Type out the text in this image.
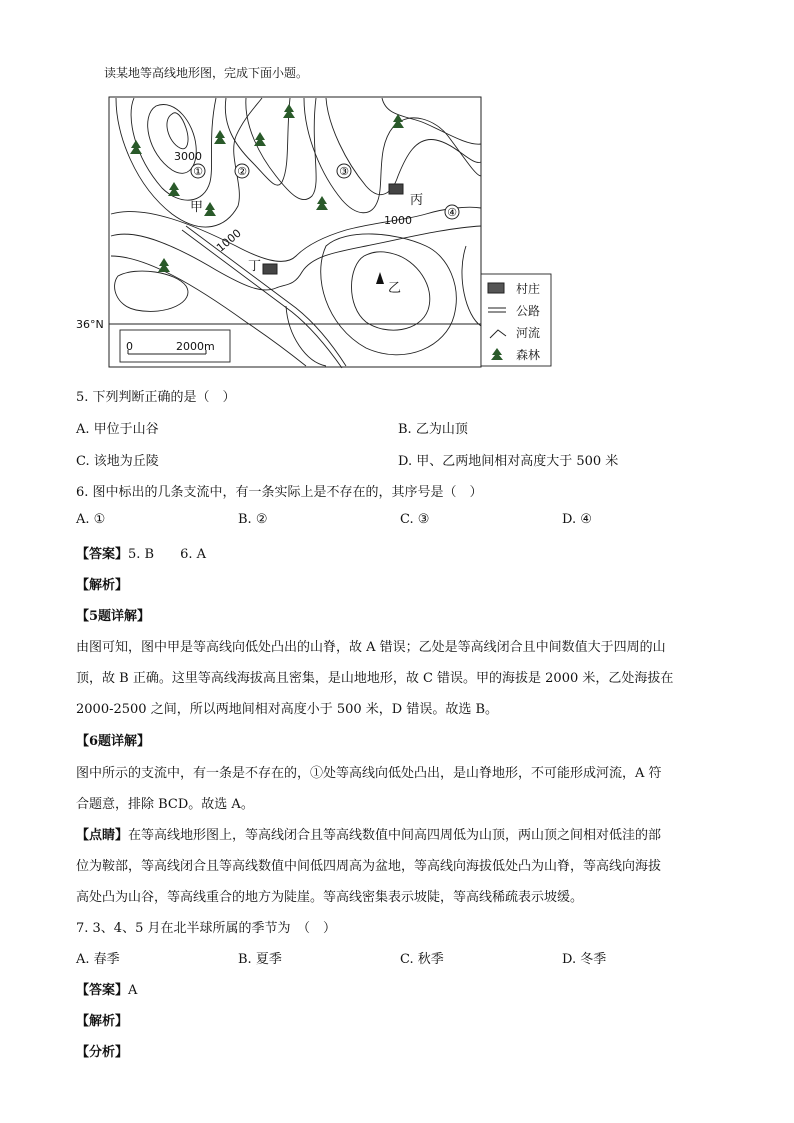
读某地等高线地形图，完成下面小题。
①	②	③
④
3000
1000
1000
甲	丙
丁
乙
0	2000m
36°N
村庄
公路
河流
森林
5. 下列判断正确的是（　）
A. 甲位于山谷	B. 乙为山顶
C. 该地为丘陵	D. 甲、乙两地间相对高度大于 500 米
6. 图中标出的几条支流中，有一条实际上是不存在的，其序号是（　）
A. ①	B. ②	C. ③	D. ④
【答案】5. B　　6. A
【解析】
【5题详解】
由图可知，图中甲是等高线向低处凸出的山脊，故 A 错误；乙处是等高线闭合且中间数值大于四周的山
顶，故 B 正确。这里等高线海拔高且密集，是山地地形，故 C 错误。甲的海拔是 2000 米，乙处海拔在
2000-2500 之间，所以两地间相对高度小于 500 米，D 错误。故选 B。
【6题详解】
图中所示的支流中，有一条是不存在的，①处等高线向低处凸出，是山脊地形，不可能形成河流，A 符
合题意，排除 BCD。故选 A。
【点睛】在等高线地形图上，等高线闭合且等高线数值中间高四周低为山顶，两山顶之间相对低洼的部
位为鞍部，等高线闭合且等高线数值中间低四周高为盆地，等高线向海拔低处凸为山脊，等高线向海拔
高处凸为山谷，等高线重合的地方为陡崖。等高线密集表示坡陡，等高线稀疏表示坡缓。
7. 3、4、5 月在北半球所属的季节为　（　）
A. 春季	B. 夏季	C. 秋季	D. 冬季
【答案】A
【解析】
【分析】
